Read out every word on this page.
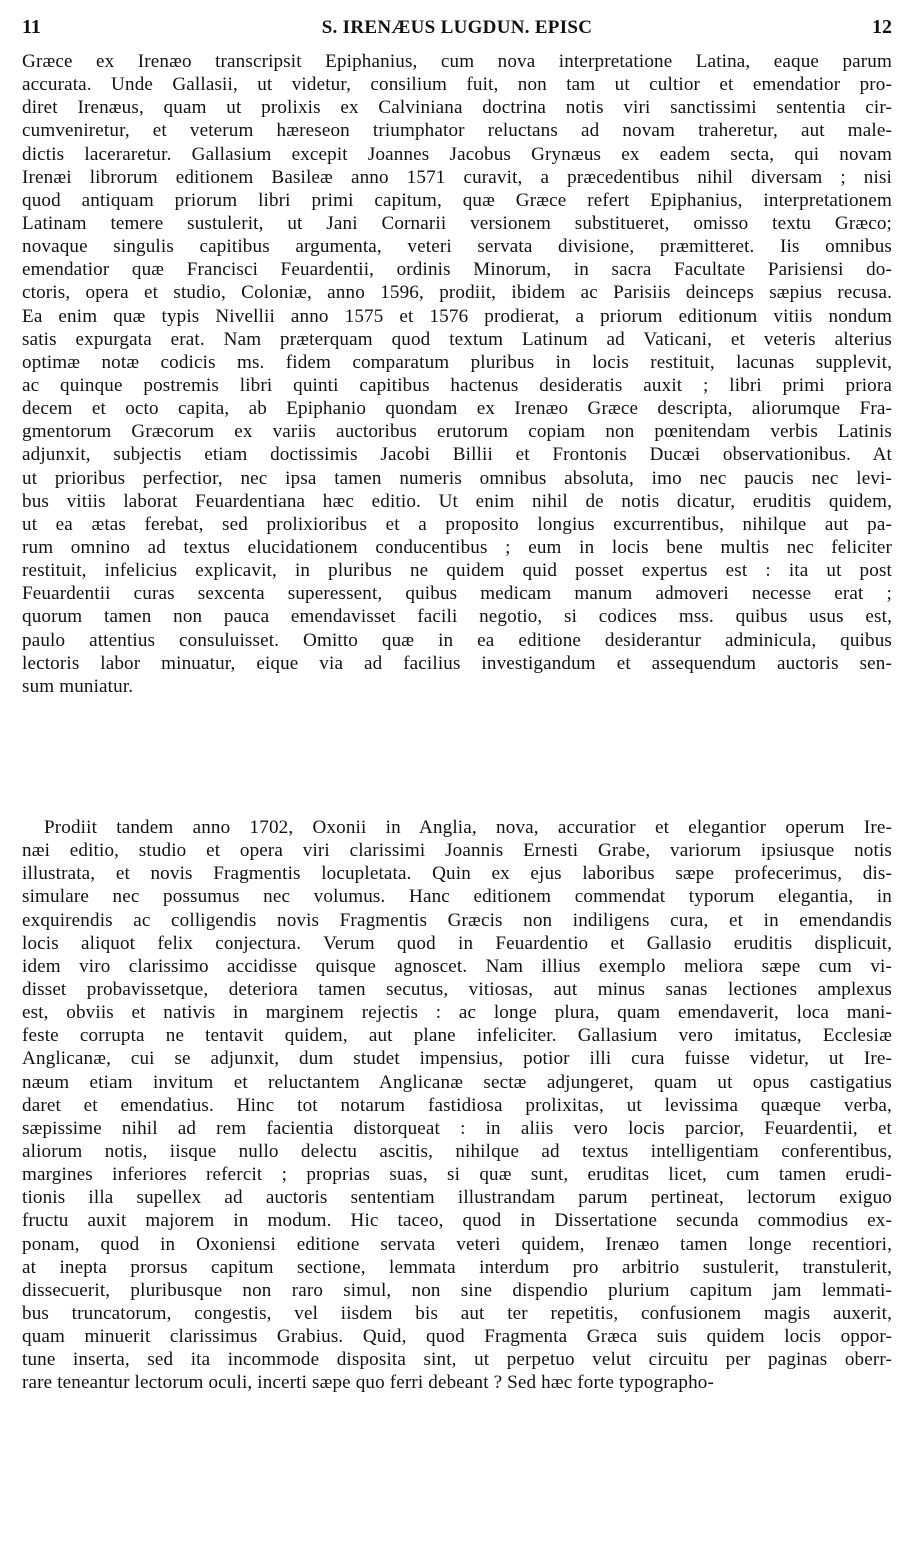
11	S. IRENÆUS LUGDUN. EPISC	12
Græce ex Irenæo transcripsit Epiphanius, cum nova interpretatione Latina, eaque parum
accurata. Unde Gallasii, ut videtur, consilium fuit, non tam ut cultior et emendatior pro-
diret Irenæus, quam ut prolixis ex Calviniana doctrina notis viri sanctissimi sententia cir-
cumveniretur, et veterum hæreseon triumphator reluctans ad novam traheretur, aut male-
dictis laceraretur. Gallasium excepit Joannes Jacobus Grynæus ex eadem secta, qui novam
Irenæi librorum editionem Basileæ anno 1571 curavit, a præcedentibus nihil diversam ; nisi
quod antiquam priorum libri primi capitum, quæ Græce refert Epiphanius, interpretationem
Latinam temere sustulerit, ut Jani Cornarii versionem substitueret, omisso textu Græco;
novaque singulis capitibus argumenta, veteri servata divisione, præmitteret. Iis omnibus
emendatior quæ Francisci Feuardentii, ordinis Minorum, in sacra Facultate Parisiensi do-
ctoris, opera et studio, Coloniæ, anno 1596, prodiit, ibidem ac Parisiis deinceps sæpius recusa.
Ea enim quæ typis Nivellii anno 1575 et 1576 prodierat, a priorum editionum vitiis nondum
satis expurgata erat. Nam præterquam quod textum Latinum ad Vaticani, et veteris alterius
optimæ notæ codicis ms. fidem comparatum pluribus in locis restituit, lacunas supplevit,
ac quinque postremis libri quinti capitibus hactenus desideratis auxit ; libri primi priora
decem et octo capita, ab Epiphanio quondam ex Irenæo Græce descripta, aliorumque Fra-
gmentorum Græcorum ex variis auctoribus erutorum copiam non pœnitendam verbis Latinis
adjunxit, subjectis etiam doctissimis Jacobi Billii et Frontonis Ducæi observationibus. At
ut prioribus perfectior, nec ipsa tamen numeris omnibus absoluta, imo nec paucis nec levi-
bus vitiis laborat Feuardentiana hæc editio. Ut enim nihil de notis dicatur, eruditis quidem,
ut ea ætas ferebat, sed prolixioribus et a proposito longius excurrentibus, nihilque aut pa-
rum omnino ad textus elucidationem conducentibus ; eum in locis bene multis nec feliciter
restituit, infelicius explicavit, in pluribus ne quidem quid posset expertus est : ita ut post
Feuardentii curas sexcenta superessent, quibus medicam manum admoveri necesse erat ;
quorum tamen non pauca emendavisset facili negotio, si codices mss. quibus usus est,
paulo attentius consuluisset. Omitto quæ in ea editione desiderantur adminicula, quibus
lectoris labor minuatur, eique via ad facilius investigandum et assequendum auctoris sen-
sum muniatur.
Prodiit tandem anno 1702, Oxonii in Anglia, nova, accuratior et elegantior operum Ire-
næi editio, studio et opera viri clarissimi Joannis Ernesti Grabe, variorum ipsiusque notis
illustrata, et novis Fragmentis locupletata. Quin ex ejus laboribus sæpe profecerimus, dis-
simulare nec possumus nec volumus. Hanc editionem commendat typorum elegantia, in
exquirendis ac colligendis novis Fragmentis Græcis non indiligens cura, et in emendandis
locis aliquot felix conjectura. Verum quod in Feuardentio et Gallasio eruditis displicuit,
idem viro clarissimo accidisse quisque agnoscet. Nam illius exemplo meliora sæpe cum vi-
disset probavissetque, deteriora tamen secutus, vitiosas, aut minus sanas lectiones amplexus
est, obviis et nativis in marginem rejectis : ac longe plura, quam emendaverit, loca mani-
feste corrupta ne tentavit quidem, aut plane infeliciter. Gallasium vero imitatus, Ecclesiæ
Anglicanæ, cui se adjunxit, dum studet impensius, potior illi cura fuisse videtur, ut Ire-
næum etiam invitum et reluctantem Anglicanæ sectæ adjungeret, quam ut opus castigatius
daret et emendatius. Hinc tot notarum fastidiosa prolixitas, ut levissima quæque verba,
sæpissime nihil ad rem facientia distorqueat : in aliis vero locis parcior, Feuardentii, et
aliorum notis, iisque nullo delectu ascitis, nihilque ad textus intelligentiam conferentibus,
margines inferiores refercit ; proprias suas, si quæ sunt, eruditas licet, cum tamen erudi-
tionis illa supellex ad auctoris sententiam illustrandam parum pertineat, lectorum exiguo
fructu auxit majorem in modum. Hic taceo, quod in Dissertatione secunda commodius ex-
ponam, quod in Oxoniensi editione servata veteri quidem, Irenæo tamen longe recentiori,
at inepta prorsus capitum sectione, lemmata interdum pro arbitrio sustulerit, transtulerit,
dissecuerit, pluribusque non raro simul, non sine dispendio plurium capitum jam lemmati-
bus truncatorum, congestis, vel iisdem bis aut ter repetitis, confusionem magis auxerit,
quam minuerit clarissimus Grabius. Quid, quod Fragmenta Græca suis quidem locis oppor-
tune inserta, sed ita incommode disposita sint, ut perpetuo velut circuitu per paginas oberr-
rare teneantur lectorum oculi, incerti sæpe quo ferri debeant ? Sed hæc forte typographo-
